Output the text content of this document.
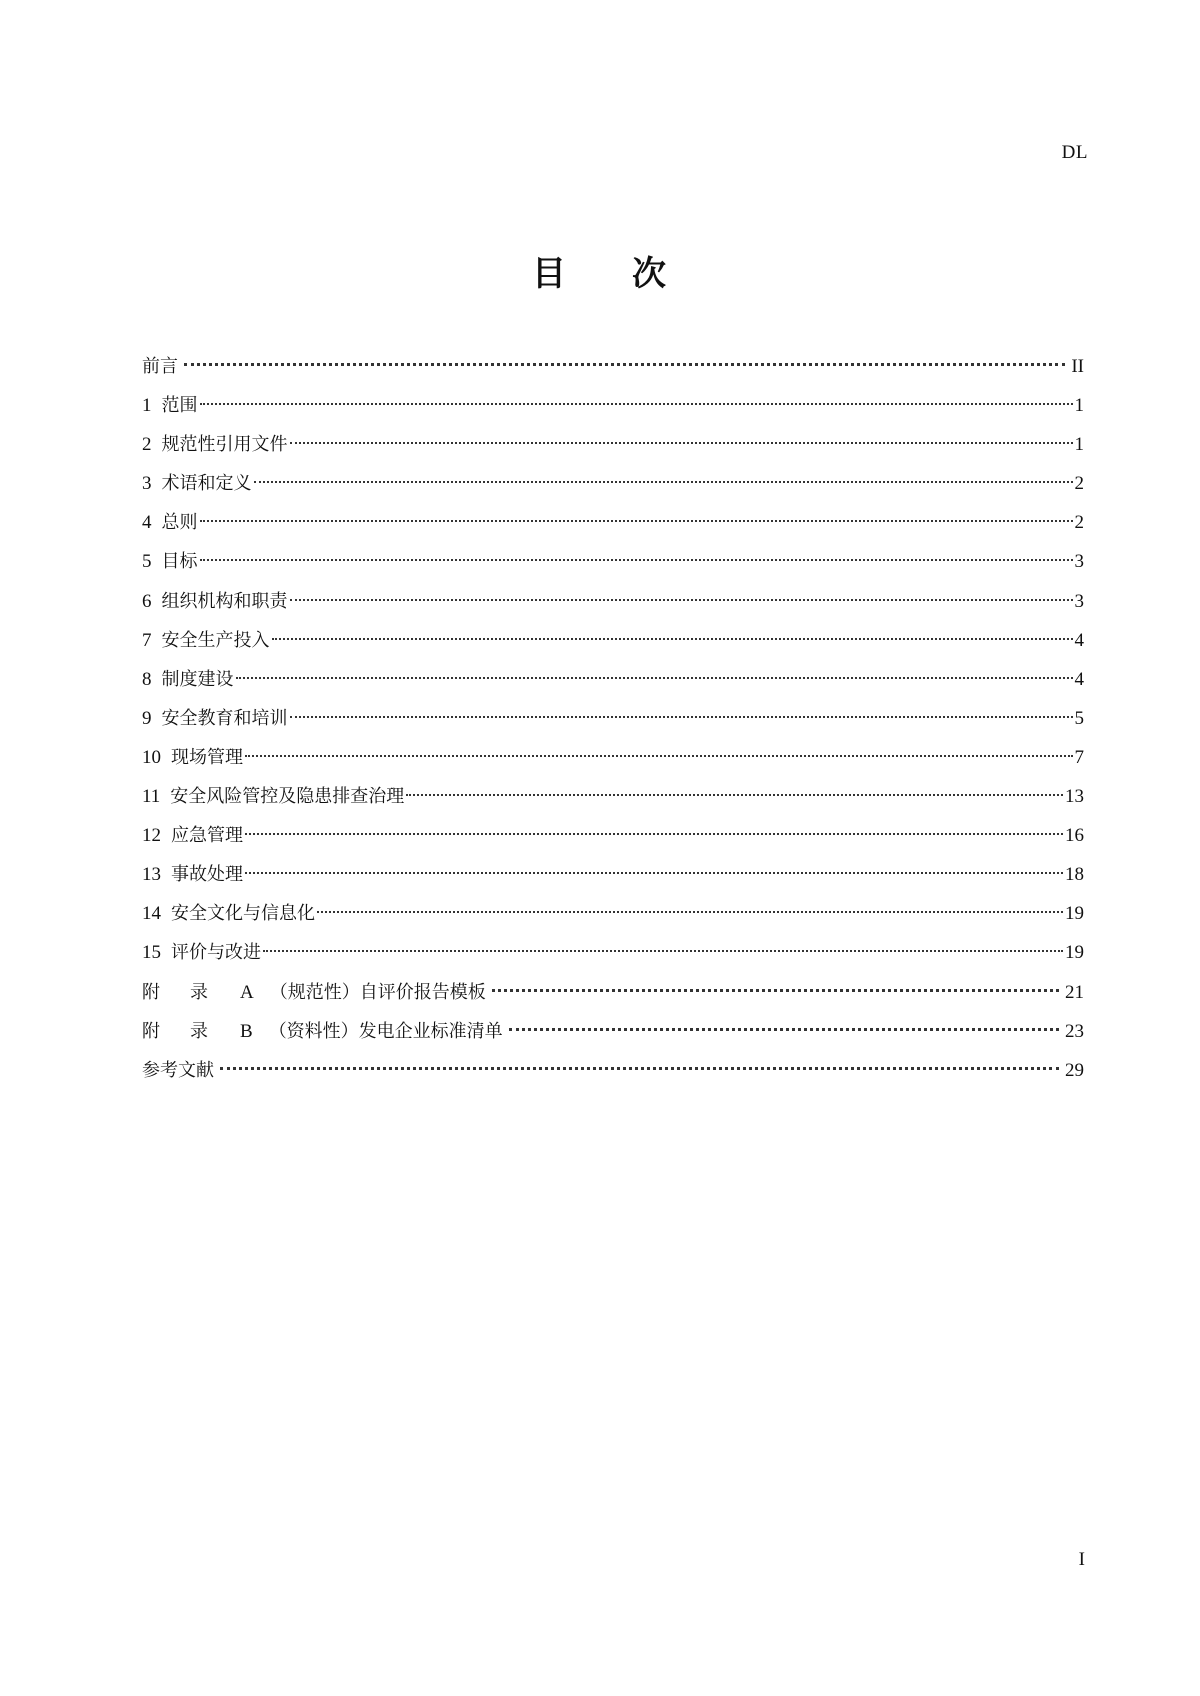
DL
目 次
前言	II
1 范围	1
2 规范性引用文件	1
3 术语和定义	2
4 总则	2
5 目标	3
6 组织机构和职责	3
7 安全生产投入	4
8 制度建设	4
9 安全教育和培训	5
10 现场管理	7
11 安全风险管控及隐患排查治理	13
12 应急管理	16
13 事故处理	18
14 安全文化与信息化	19
15 评价与改进	19
附 录 A （规范性）自评价报告模板	21
附 录 B （资料性）发电企业标准清单	23
参考文献	29
I
